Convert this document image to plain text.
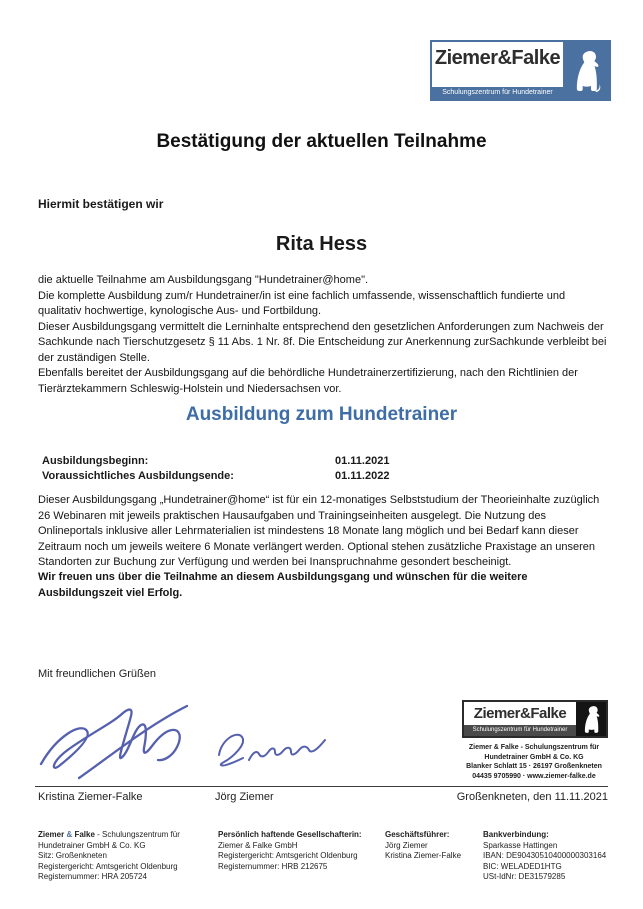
Ziemer&Falke
Schulungszentrum für Hundetrainer
Bestätigung der aktuellen Teilnahme
Hiermit bestätigen wir
Rita Hess
die aktuelle Teilnahme am Ausbildungsgang "Hundetrainer@home".
Die komplette Ausbildung zum/r Hundetrainer/in ist eine fachlich umfassende, wissenschaftlich fundierte und qualitativ hochwertige, kynologische Aus- und Fortbildung.
Dieser Ausbildungsgang vermittelt die Lerninhalte entsprechend den gesetzlichen Anforderungen zum Nachweis der Sachkunde nach Tierschutzgesetz § 11 Abs. 1 Nr. 8f. Die Entscheidung zur Anerkennung zurSachkunde verbleibt bei der zuständigen Stelle.
Ebenfalls bereitet der Ausbildungsgang auf die behördliche Hundetrainerzertifizierung, nach den Richtlinien der Tierärztekammern Schleswig-Holstein und Niedersachsen vor.
Ausbildung zum Hundetrainer
Ausbildungsbeginn:	01.11.2021
Voraussichtliches Ausbildungsende:	01.11.2022
Dieser Ausbildungsgang „Hundetrainer@home“ ist für ein 12-monatiges Selbststudium der Theorieinhalte zuzüglich 26 Webinaren mit jeweils praktischen Hausaufgaben und Trainingseinheiten ausgelegt. Die Nutzung des Onlineportals inklusive aller Lehrmaterialien ist mindestens 18 Monate lang möglich und bei Bedarf kann dieser Zeitraum noch um jeweils weitere 6 Monate verlängert werden. Optional stehen zusätzliche Praxistage an unseren Standorten zur Buchung zur Verfügung und werden bei Inanspruchnahme gesondert bescheinigt.
Wir freuen uns über die Teilnahme an diesem Ausbildungsgang und wünschen für die weitere Ausbildungszeit viel Erfolg.
Mit freundlichen Grüßen
Ziemer&Falke
Schulungszentrum für Hundetrainer
Ziemer & Falke - Schulungszentrum für
Hundetrainer GmbH & Co. KG
Blanker Schlatt 15 · 26197 Großenkneten
04435 9705990 · www.ziemer-falke.de
Kristina Ziemer-Falke	Jörg Ziemer	Großenkneten, den 11.11.2021
Ziemer & Falke - Schulungszentrum für
Hundetrainer GmbH & Co. KG
Sitz: Großenkneten
Registergericht: Amtsgericht Oldenburg
Registernummer: HRA 205724
Persönlich haftende Gesellschafterin:
Ziemer & Falke GmbH
Registergericht: Amtsgericht Oldenburg
Registernummer: HRB 212675
Geschäftsführer:
Jörg Ziemer
Kristina Ziemer-Falke
Bankverbindung:
Sparkasse Hattingen
IBAN: DE90430510400000303164
BIC: WELADED1HTG
USt-IdNr: DE31579285
